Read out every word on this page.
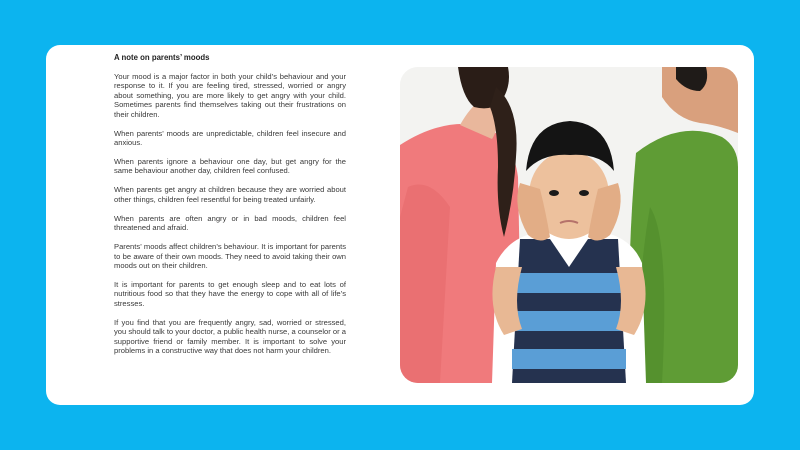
A note on parents’ moods

Your mood is a major factor in both your child’s behaviour and your response to it. If you are feeling tired, stressed, worried or angry about something, you are more likely to get angry with your child. Sometimes parents find themselves taking out their frustrations on their children.

When parents’ moods are unpredictable, children feel insecure and anxious.

When parents ignore a behaviour one day, but get angry for the same behaviour another day, children feel confused.

When parents get angry at children because they are worried about other things, children feel resentful for being treated unfairly.

When parents are often angry or in bad moods, children feel threatened and afraid.

Parents’ moods affect children’s behaviour. It is important for parents to be aware of their own moods. They need to avoid taking their own moods out on their children.

It is important for parents to get enough sleep and to eat lots of nutritious food so that they have the energy to cope with all of life’s stresses.

If you find that you are frequently angry, sad, worried or stressed, you should talk to your doctor, a public health nurse, a counselor or a supportive friend or family member. It is important to solve your problems in a constructive way that does not harm your children.
